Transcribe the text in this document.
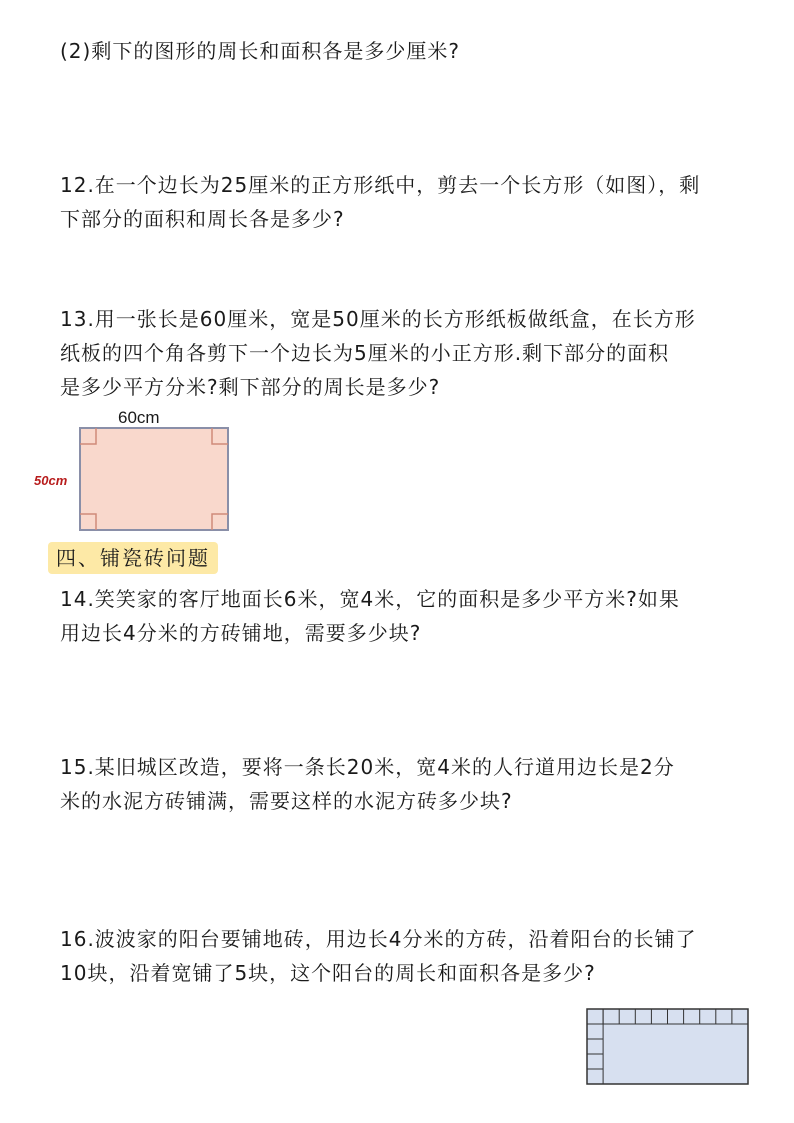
(2)剩下的图形的周长和面积各是多少厘米?
12.在一个边长为25厘米的正方形纸中，剪去一个长方形（如图），剩
下部分的面积和周长各是多少?
13.用一张长是60厘米，宽是50厘米的长方形纸板做纸盒，在长方形
纸板的四个角各剪下一个边长为5厘米的小正方形.剩下部分的面积
是多少平方分米?剩下部分的周长是多少?
60cm
50cm
四、铺瓷砖问题
14.笑笑家的客厅地面长6米，宽4米，它的面积是多少平方米?如果
用边长4分米的方砖铺地，需要多少块?
15.某旧城区改造，要将一条长20米，宽4米的人行道用边长是2分
米的水泥方砖铺满，需要这样的水泥方砖多少块?
16.波波家的阳台要铺地砖，用边长4分米的方砖，沿着阳台的长铺了
10块，沿着宽铺了5块，这个阳台的周长和面积各是多少?
